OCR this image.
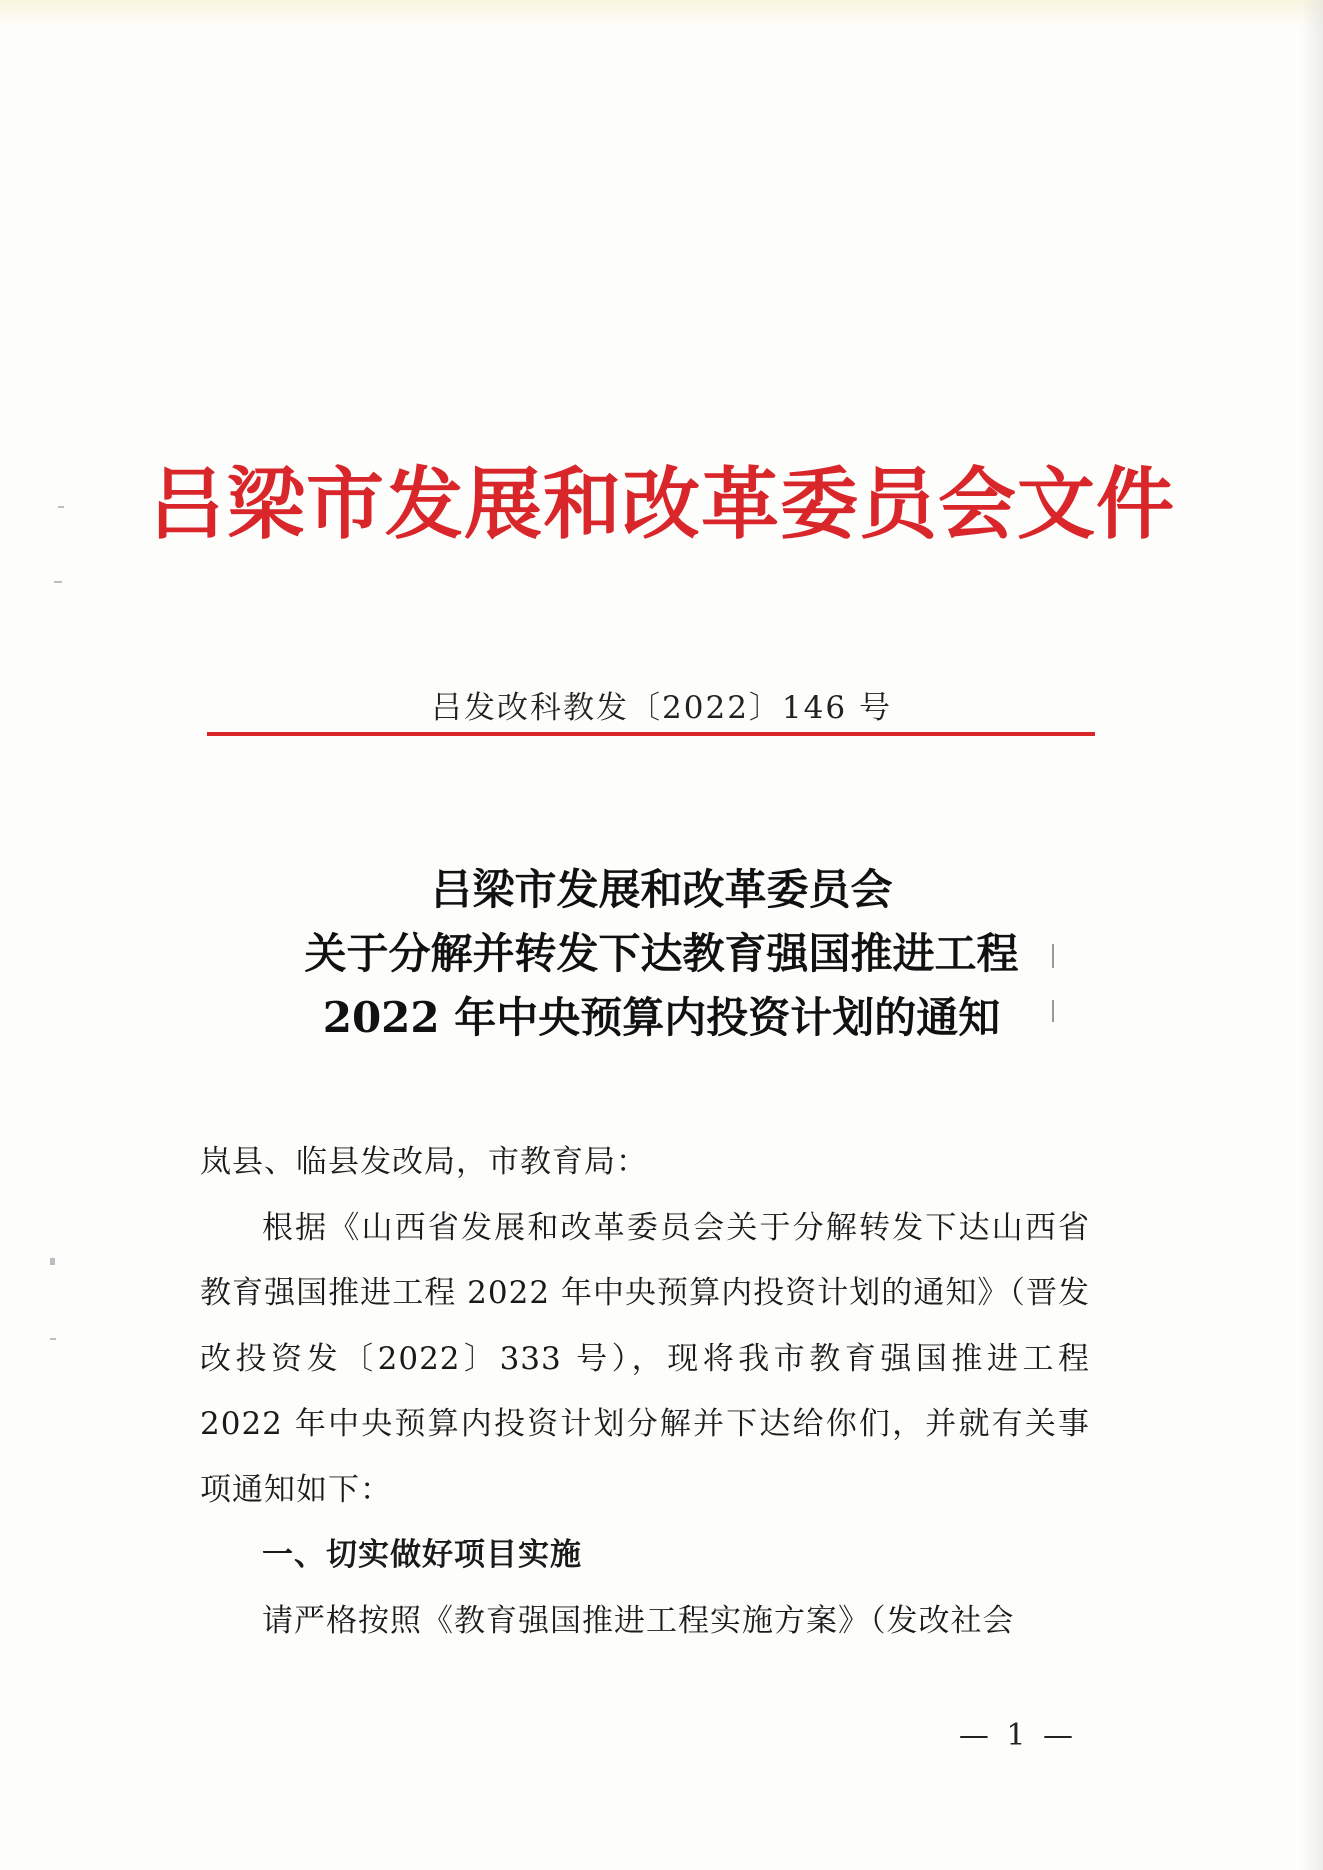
吕梁市发展和改革委员会文件

吕发改科教发〔2022〕146 号

吕梁市发展和改革委员会
关于分解并转发下达教育强国推进工程
2022 年中央预算内投资计划的通知

岚县、临县发改局，市教育局：

根据《山西省发展和改革委员会关于分解转发下达山西省教育强国推进工程 2022 年中央预算内投资计划的通知》（晋发改投资发〔2022〕333 号），现将我市教育强国推进工程 2022 年中央预算内投资计划分解并下达给你们，并就有关事项通知如下：

一、切实做好项目实施

请严格按照《教育强国推进工程实施方案》（发改社会

— 1 —
